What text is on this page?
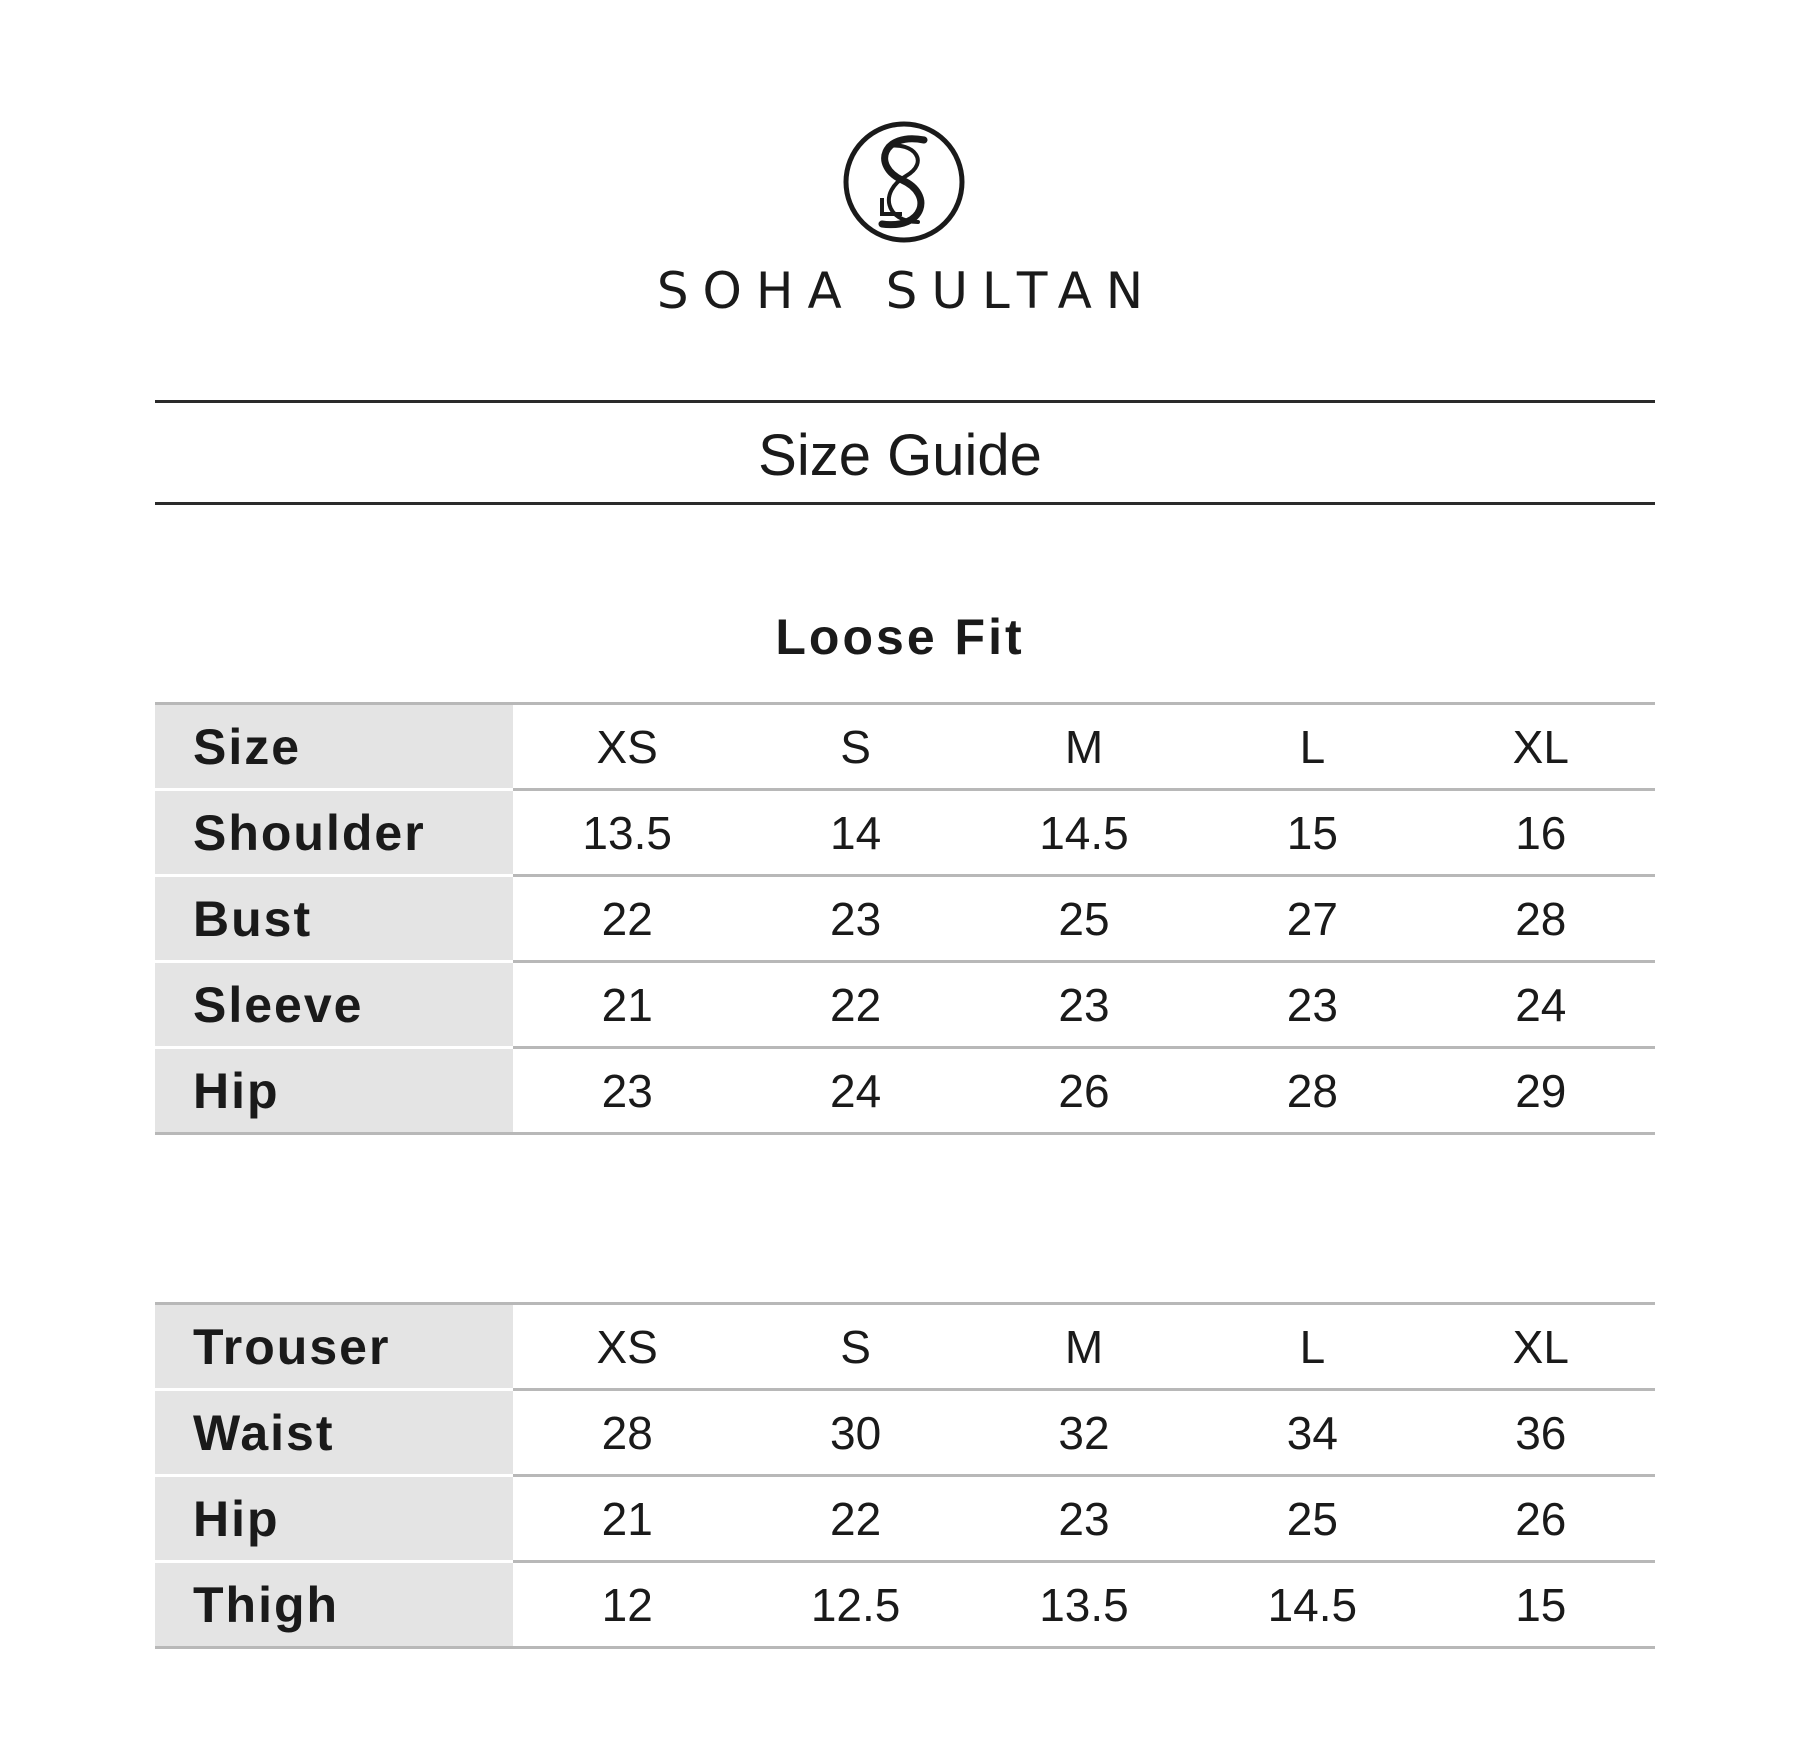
SOHA SULTAN
Size Guide
Loose Fit
Size	XS	S	M	L	XL
Shoulder	13.5	14	14.5	15	16
Bust	22	23	25	27	28
Sleeve	21	22	23	23	24
Hip	23	24	26	28	29
Trouser	XS	S	M	L	XL
Waist	28	30	32	34	36
Hip	21	22	23	25	26
Thigh	12	12.5	13.5	14.5	15
